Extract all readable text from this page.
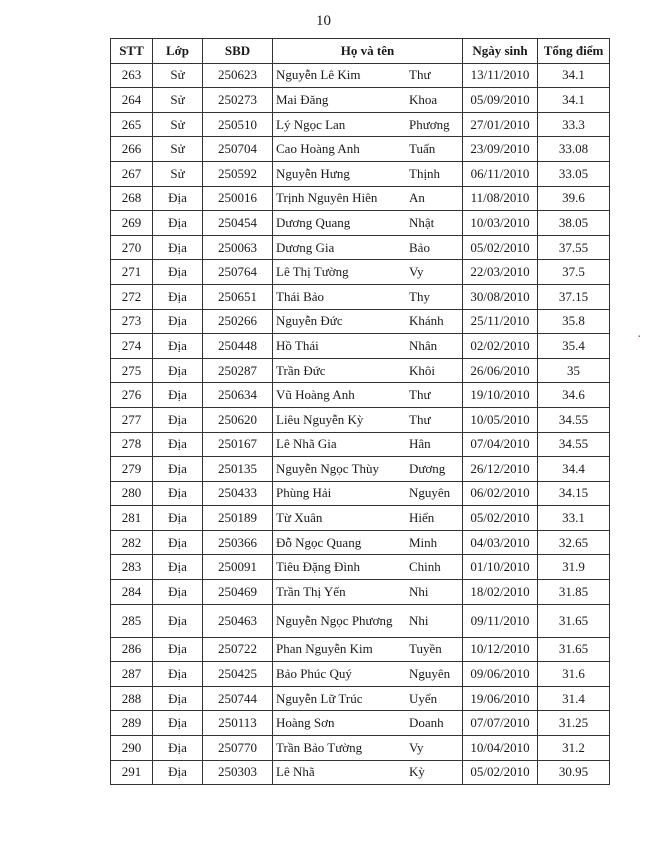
10
STT	Lớp	SBD	Họ và tên	Ngày sinh	Tổng điểm
263	Sử	250623	Nguyễn Lê Kim Thư	13/11/2010	34.1
264	Sử	250273	Mai Đăng Khoa	05/09/2010	34.1
265	Sử	250510	Lý Ngọc Lan Phương	27/01/2010	33.3
266	Sử	250704	Cao Hoàng Anh Tuấn	23/09/2010	33.08
267	Sử	250592	Nguyễn Hưng Thịnh	06/11/2010	33.05
268	Địa	250016	Trịnh Nguyên Hiên An	11/08/2010	39.6
269	Địa	250454	Dương Quang Nhật	10/03/2010	38.05
270	Địa	250063	Dương Gia Bảo	05/02/2010	37.55
271	Địa	250764	Lê Thị Tường Vy	22/03/2010	37.5
272	Địa	250651	Thái Bảo Thy	30/08/2010	37.15
273	Địa	250266	Nguyễn Đức Khánh	25/11/2010	35.8
274	Địa	250448	Hồ Thái Nhân	02/02/2010	35.4
275	Địa	250287	Trần Đức Khôi	26/06/2010	35
276	Địa	250634	Vũ Hoàng Anh Thư	19/10/2010	34.6
277	Địa	250620	Liêu Nguyễn Kỳ Thư	10/05/2010	34.55
278	Địa	250167	Lê Nhã Gia Hân	07/04/2010	34.55
279	Địa	250135	Nguyễn Ngọc Thùy Dương	26/12/2010	34.4
280	Địa	250433	Phùng Hải Nguyên	06/02/2010	34.15
281	Địa	250189	Từ Xuân Hiển	05/02/2010	33.1
282	Địa	250366	Đỗ Ngọc Quang Minh	04/03/2010	32.65
283	Địa	250091	Tiêu Đặng Đình Chinh	01/10/2010	31.9
284	Địa	250469	Trần Thị Yến Nhi	18/02/2010	31.85
285	Địa	250463	Nguyễn Ngọc Phương Nhi	09/11/2010	31.65
286	Địa	250722	Phan Nguyễn Kim Tuyền	10/12/2010	31.65
287	Địa	250425	Bảo Phúc Quý Nguyên	09/06/2010	31.6
288	Địa	250744	Nguyễn Lữ Trúc Uyển	19/06/2010	31.4
289	Địa	250113	Hoàng Sơn Doanh	07/07/2010	31.25
290	Địa	250770	Trần Bảo Tường Vy	10/04/2010	31.2
291	Địa	250303	Lê Nhã Kỳ	05/02/2010	30.95
·
